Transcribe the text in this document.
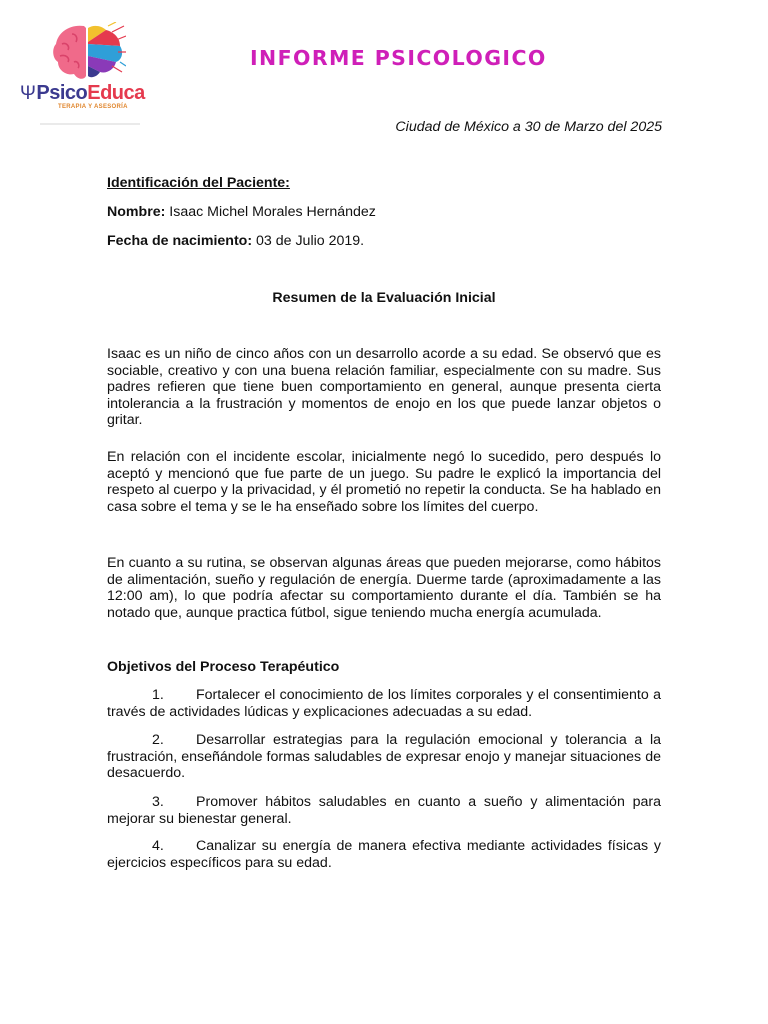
ΨPsicoEduca
TERAPIA Y ASESORÍA
INFORME PSICOLOGICO
Ciudad de México a 30 de Marzo del 2025
Identificación del Paciente:
Nombre: Isaac Michel Morales Hernández
Fecha de nacimiento: 03 de Julio 2019.
Resumen de la Evaluación Inicial

Isaac es un niño de cinco años con un desarrollo acorde a su edad. Se observó que es sociable, creativo y con una buena relación familiar, especialmente con su madre. Sus padres refieren que tiene buen comportamiento en general, aunque presenta cierta intolerancia a la frustración y momentos de enojo en los que puede lanzar objetos o gritar.

En relación con el incidente escolar, inicialmente negó lo sucedido, pero después lo aceptó y mencionó que fue parte de un juego. Su padre le explicó la importancia del respeto al cuerpo y la privacidad, y él prometió no repetir la conducta. Se ha hablado en casa sobre el tema y se le ha enseñado sobre los límites del cuerpo.

En cuanto a su rutina, se observan algunas áreas que pueden mejorarse, como hábitos de alimentación, sueño y regulación de energía. Duerme tarde (aproximadamente a las 12:00 am), lo que podría afectar su comportamiento durante el día. También se ha notado que, aunque practica fútbol, sigue teniendo mucha energía acumulada.

Objetivos del Proceso Terapéutico

1. Fortalecer el conocimiento de los límites corporales y el consentimiento a través de actividades lúdicas y explicaciones adecuadas a su edad.

2. Desarrollar estrategias para la regulación emocional y tolerancia a la frustración, enseñándole formas saludables de expresar enojo y manejar situaciones de desacuerdo.

3. Promover hábitos saludables en cuanto a sueño y alimentación para mejorar su bienestar general.

4. Canalizar su energía de manera efectiva mediante actividades físicas y ejercicios específicos para su edad.
